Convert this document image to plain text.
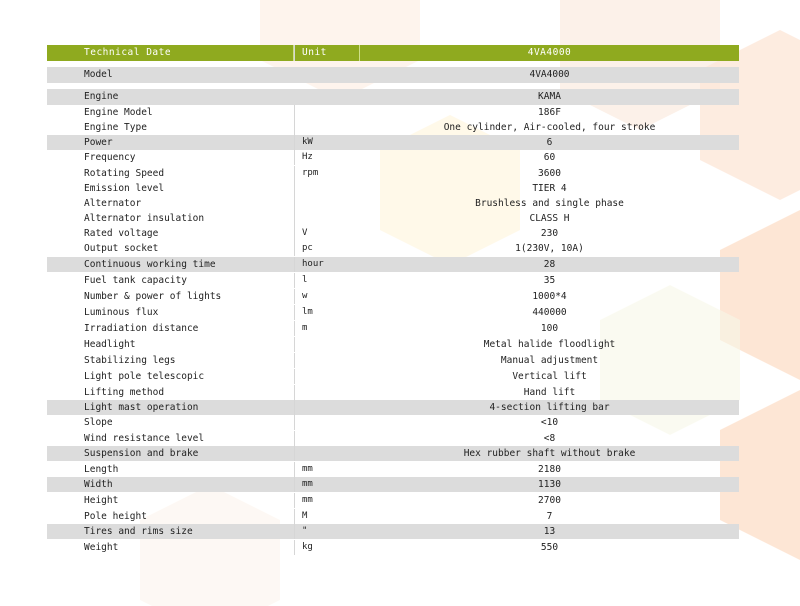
Technical Date	Unit	4VA4000
Model	4VA4000
Engine	KAMA
Engine Model	186F
Engine Type	One cylinder, Air-cooled, four stroke
Power	kW	6
Frequency	Hz	60
Rotating Speed	rpm	3600
Emission level	TIER 4
Alternator	Brushless and single phase
Alternator insulation	CLASS H
Rated voltage	V	230
Output socket	pc	1(230V, 10A)
Continuous working time	hour	28
Fuel tank capacity	l	35
Number & power of lights	w	1000*4
Luminous flux	lm	440000
Irradiation distance	m	100
Headlight	Metal halide floodlight
Stabilizing legs	Manual adjustment
Light pole telescopic	Vertical lift
Lifting method	Hand lift
Light mast operation	4-section lifting bar
Slope	<10
Wind resistance level	<8
Suspension and brake	Hex rubber shaft without brake
Length	mm	2180
Width	mm	1130
Height	mm	2700
Pole height	M	7
Tires and rims size	"	13
Weight	kg	550
